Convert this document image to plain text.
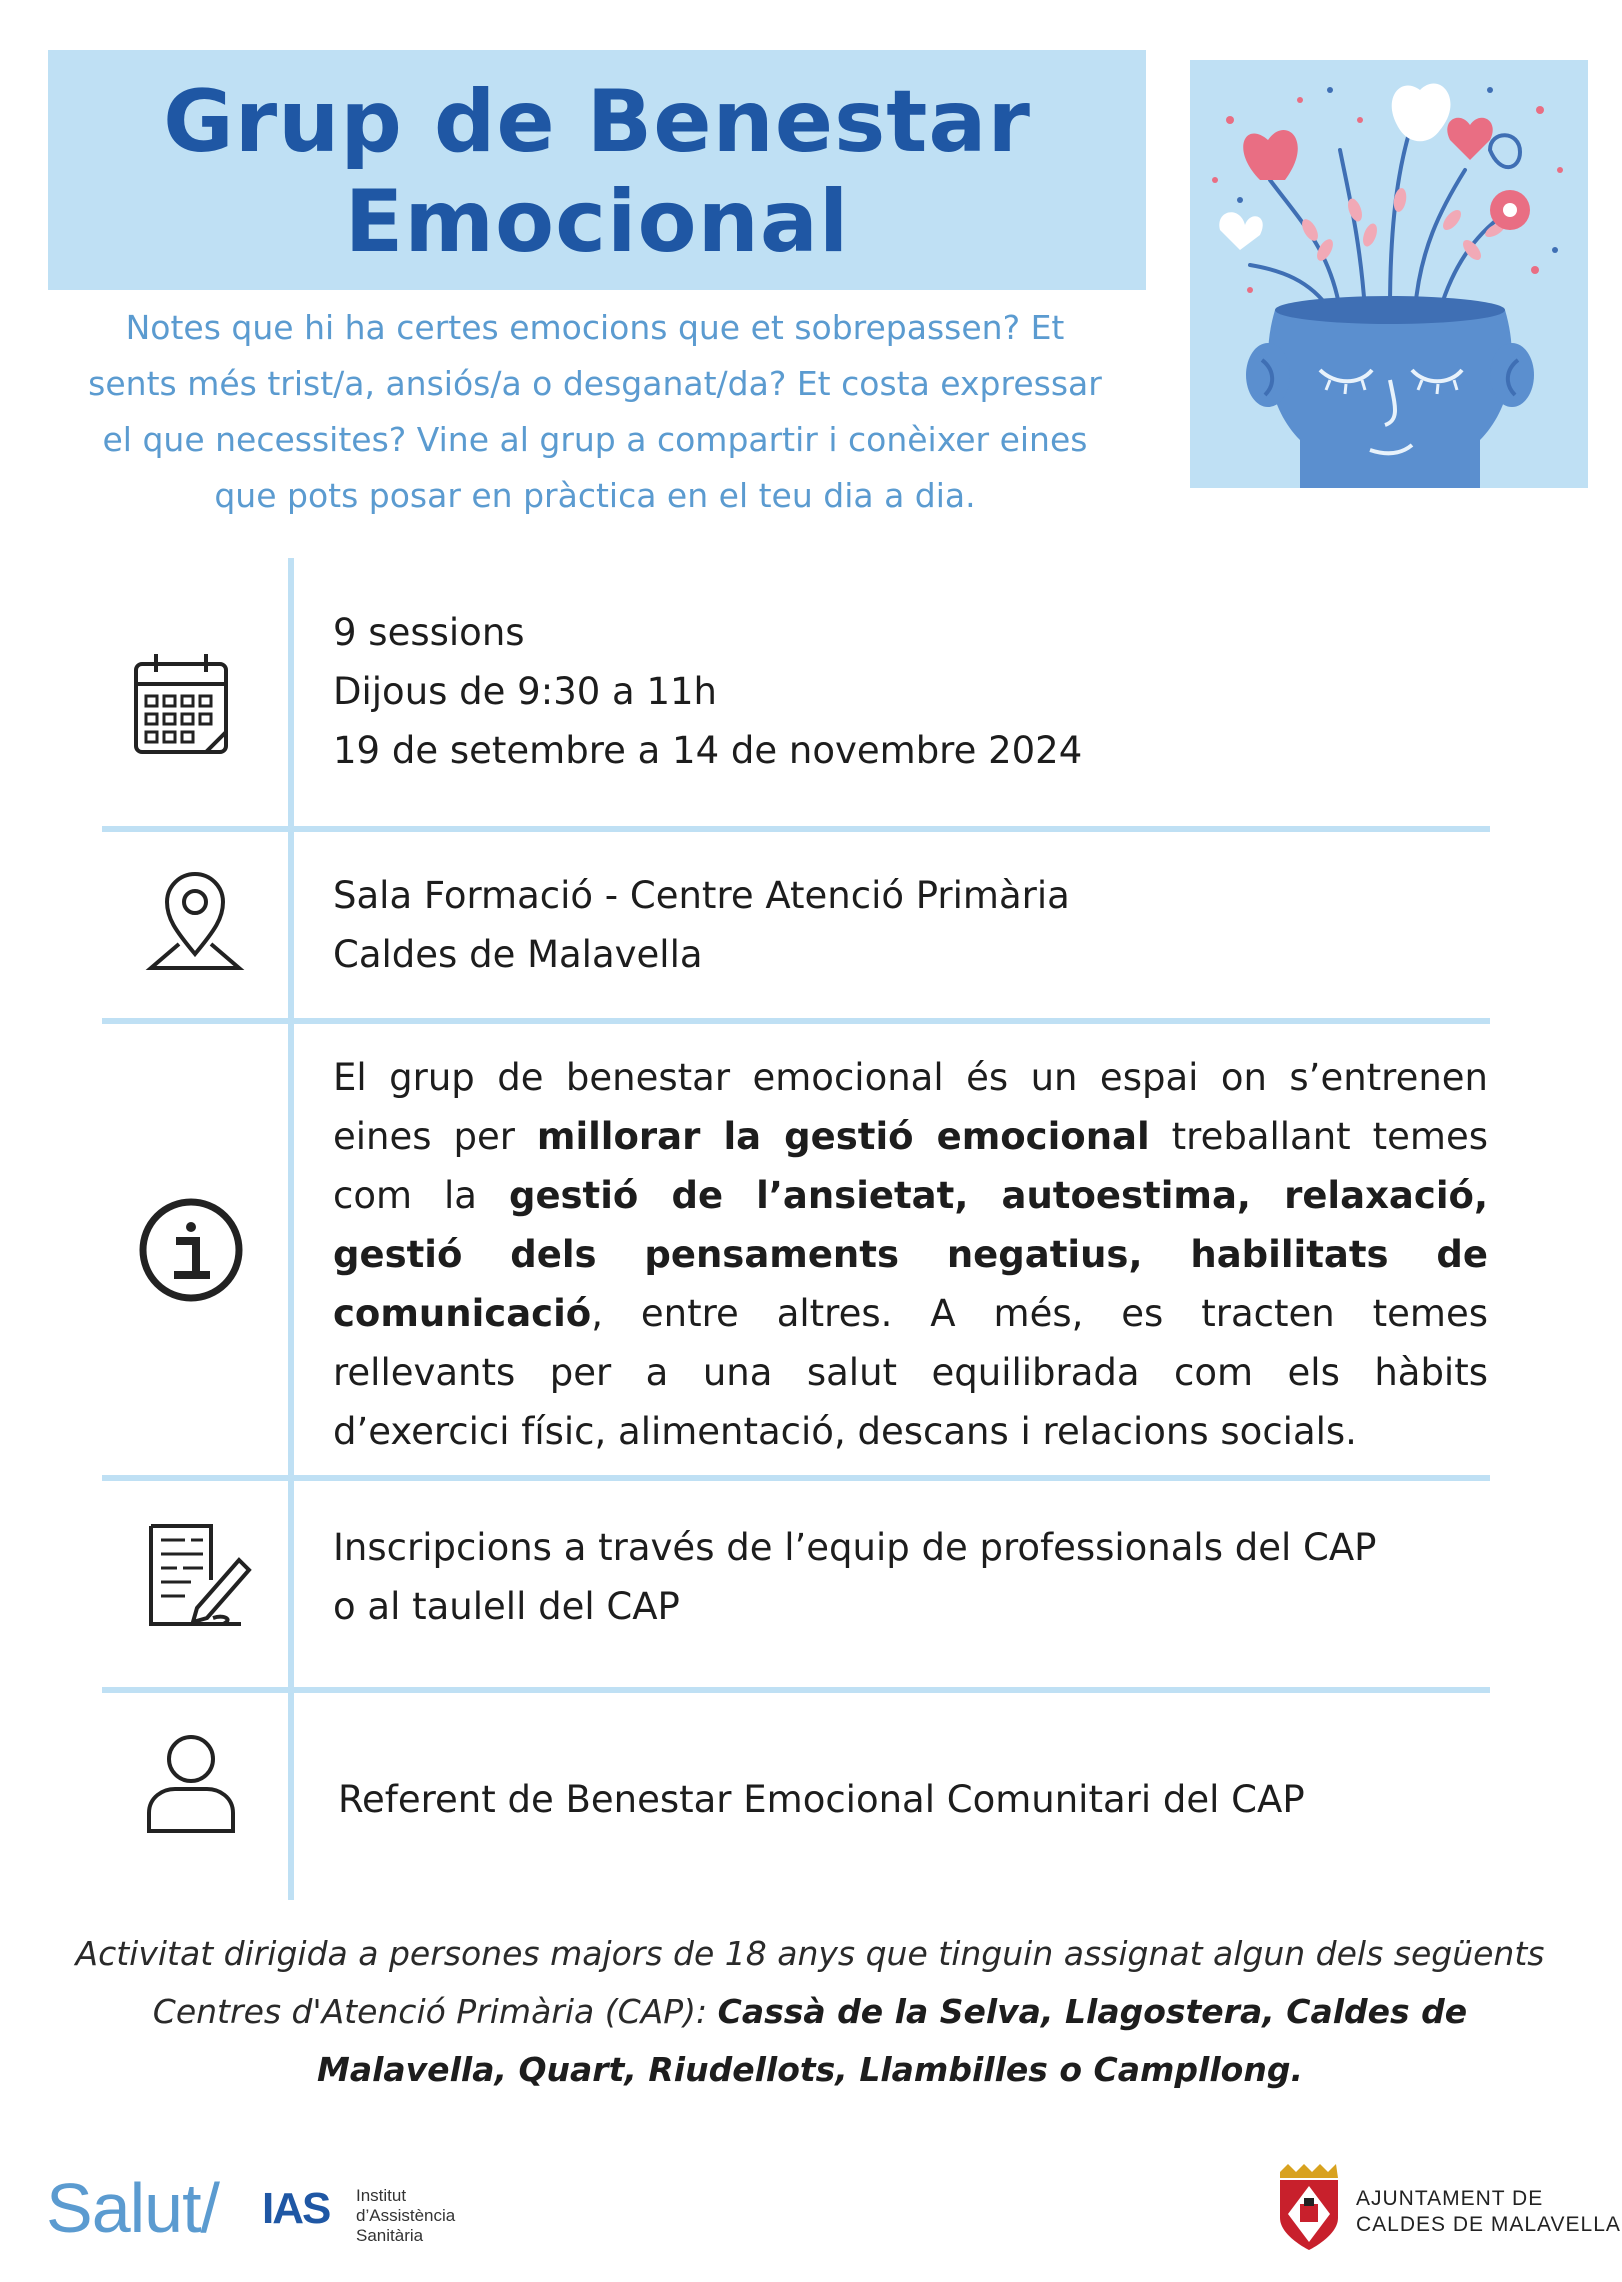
Grup de Benestar
Emocional
Notes que hi ha certes emocions que et sobrepassen? Et
sents més trist/a, ansiós/a o desganat/da? Et costa expressar
el que necessites? Vine al grup a compartir i conèixer eines
que pots posar en pràctica en el teu dia a dia.

9 sessions

Dijous de 9:30 a 11h

19 de setembre a 14 de novembre 2024

Sala Formació - Centre Atenció Primària

Caldes de Malavella

El grup de benestar emocional és un espai on s’entrenen eines per millorar la gestió emocional treballant temes com la gestió de l’ansietat, autoestima, relaxació, gestió dels pensaments negatius, habilitats de comunicació, entre altres. A més, es tracten temes rellevants per a una salut equilibrada com els hàbits d’exercici físic, alimentació, descans i relacions socials.

Inscripcions a través de l’equip de professionals del CAP

o al taulell del CAP

Referent de Benestar Emocional Comunitari del CAP

Activitat dirigida a persones majors de 18 anys que tinguin assignat algun dels següents Centres d'Atenció Primària (CAP): Cassà de la Selva, Llagostera, Caldes de Malavella, Quart, Riudellots, Llambilles o Campllong.
Salut/ IAS Institut
d’Assistència
Sanitària
AJUNTAMENT DE
CALDES DE MALAVELLA
